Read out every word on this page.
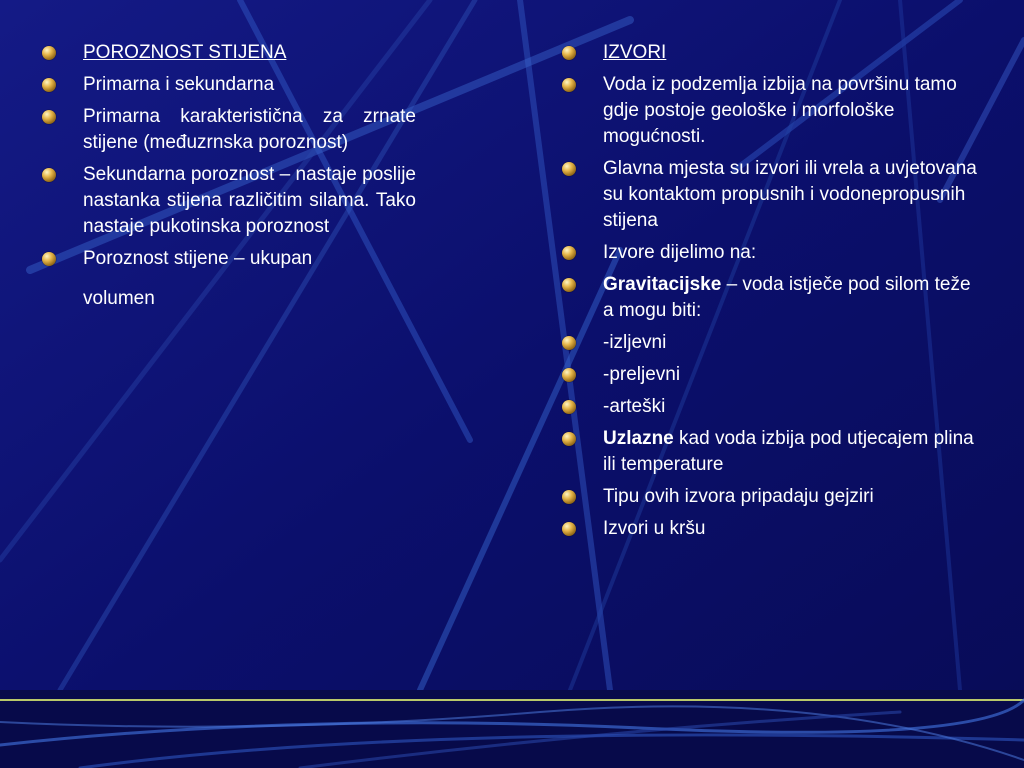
POROZNOST STIJENA
Primarna i sekundarna
Primarna karakteristična za zrnate stijene (međuzrnska poroznost)
Sekundarna poroznost – nastaje poslije nastanka stijena različitim silama. Tako nastaje pukotinska poroznost
Poroznost stijene – ukupan
volumen
IZVORI
Voda iz podzemlja izbija na površinu tamo gdje postoje geološke i morfološke mogućnosti.
Glavna mjesta su izvori ili vrela a uvjetovana su kontaktom propusnih i vodonepropusnih stijena
Izvore dijelimo na:
Gravitacijske – voda istječe pod silom teže a mogu biti:
-izljevni
-preljevni
-arteški
Uzlazne kad voda izbija pod utjecajem plina ili temperature
Tipu ovih izvora pripadaju gejziri
Izvori u kršu
